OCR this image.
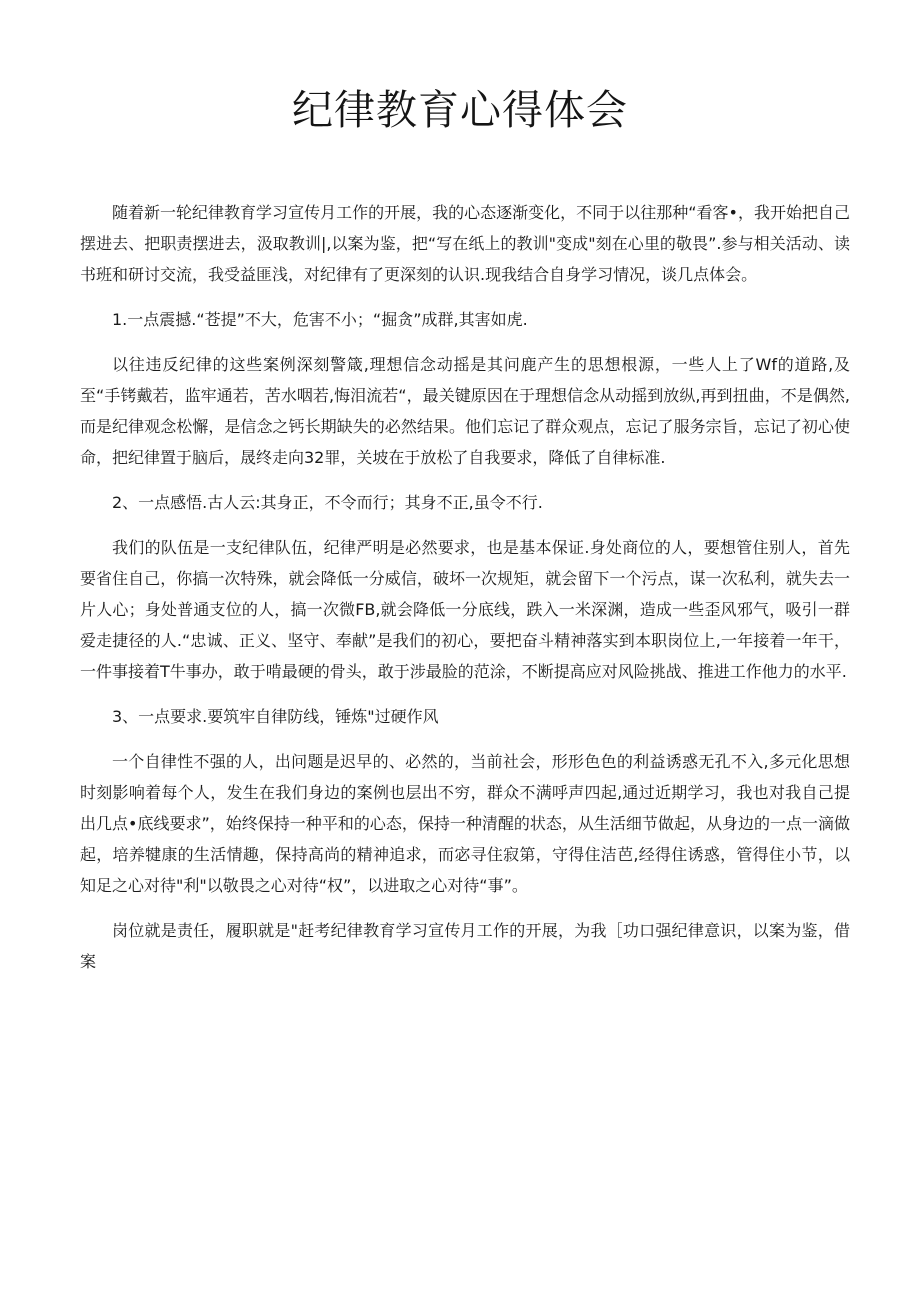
纪律教育心得体会

随着新一轮纪律教育学习宣传月工作的开展，我的心态逐渐变化，不同于以往那种“看客•，我开始把自己摆进去、把职责摆进去，汲取教训|,以案为鉴，把“写在纸上的教训"变成"刻在心里的敬畏”.参与相关活动、读书班和研讨交流，我受益匪浅，对纪律有了更深刻的认识.现我结合自身学习情况，谈几点体会。

1.一点震撼.“苍提”不大，危害不小；“掘贪”成群,其害如虎.

以往违反纪律的这些案例深刻警箴,理想信念动摇是其问鹿产生的思想根源，一些人上了Wf的道路,及至“手铐戴若，监牢通若，苦水咽若,悔泪流若“，最关键原因在于理想信念从动摇到放纵,再到扭曲，不是偶然,而是纪律观念松懈，是信念之钙长期缺失的必然结果。他们忘记了群众观点，忘记了服务宗旨，忘记了初心使命，把纪律置于脑后，晟终走向32罪，关坡在于放松了自我要求，降低了自律标准.

2、一点感悟.古人云:其身正，不令而行；其身不正,虽令不行.

我们的队伍是一支纪律队伍，纪律严明是必然要求，也是基本保证.身处商位的人，要想管住别人，首先要省住自己，你搞一次特殊，就会降低一分威信，破坏一次规矩，就会留下一个污点，谋一次私利，就失去一片人心；身处普通支位的人，搞一次微FB,就会降低一分底线，跌入一米深渊，造成一些歪风邪气，吸引一群爱走捷径的人.“忠诚、正义、坚守、奉献”是我们的初心，要把奋斗精神落实到本职岗位上,一年接着一年干，一件事接着T牛事办，敢于啃最硬的骨头，敢于涉最脸的范涂，不断提高应对风险挑战、推进工作他力的水平.

3、一点要求.要筑牢自律防线，锤炼"过硬作风

一个自律性不强的人，出问题是迟早的、必然的，当前社会，形形色色的利益诱惑无孔不入,多元化思想时刻影响着每个人，发生在我们身边的案例也层出不穷，群众不满呼声四起,通过近期学习，我也对我自己提出几点•底线要求”，始终保持一种平和的心态，保持一种清醒的状态，从生活细节做起，从身边的一点一滴做起，培养犍康的生活情趣，保持高尚的精神追求，而宓寻住寂第，守得住洁芭,经得住诱惑，管得住小节，以知足之心对待"利"以敬畏之心对待“权”，以进取之心对待“事”。

岗位就是责任，履职就是"赶考纪律教育学习宣传月工作的开展，为我［功口强纪律意识，以案为鉴，借案
